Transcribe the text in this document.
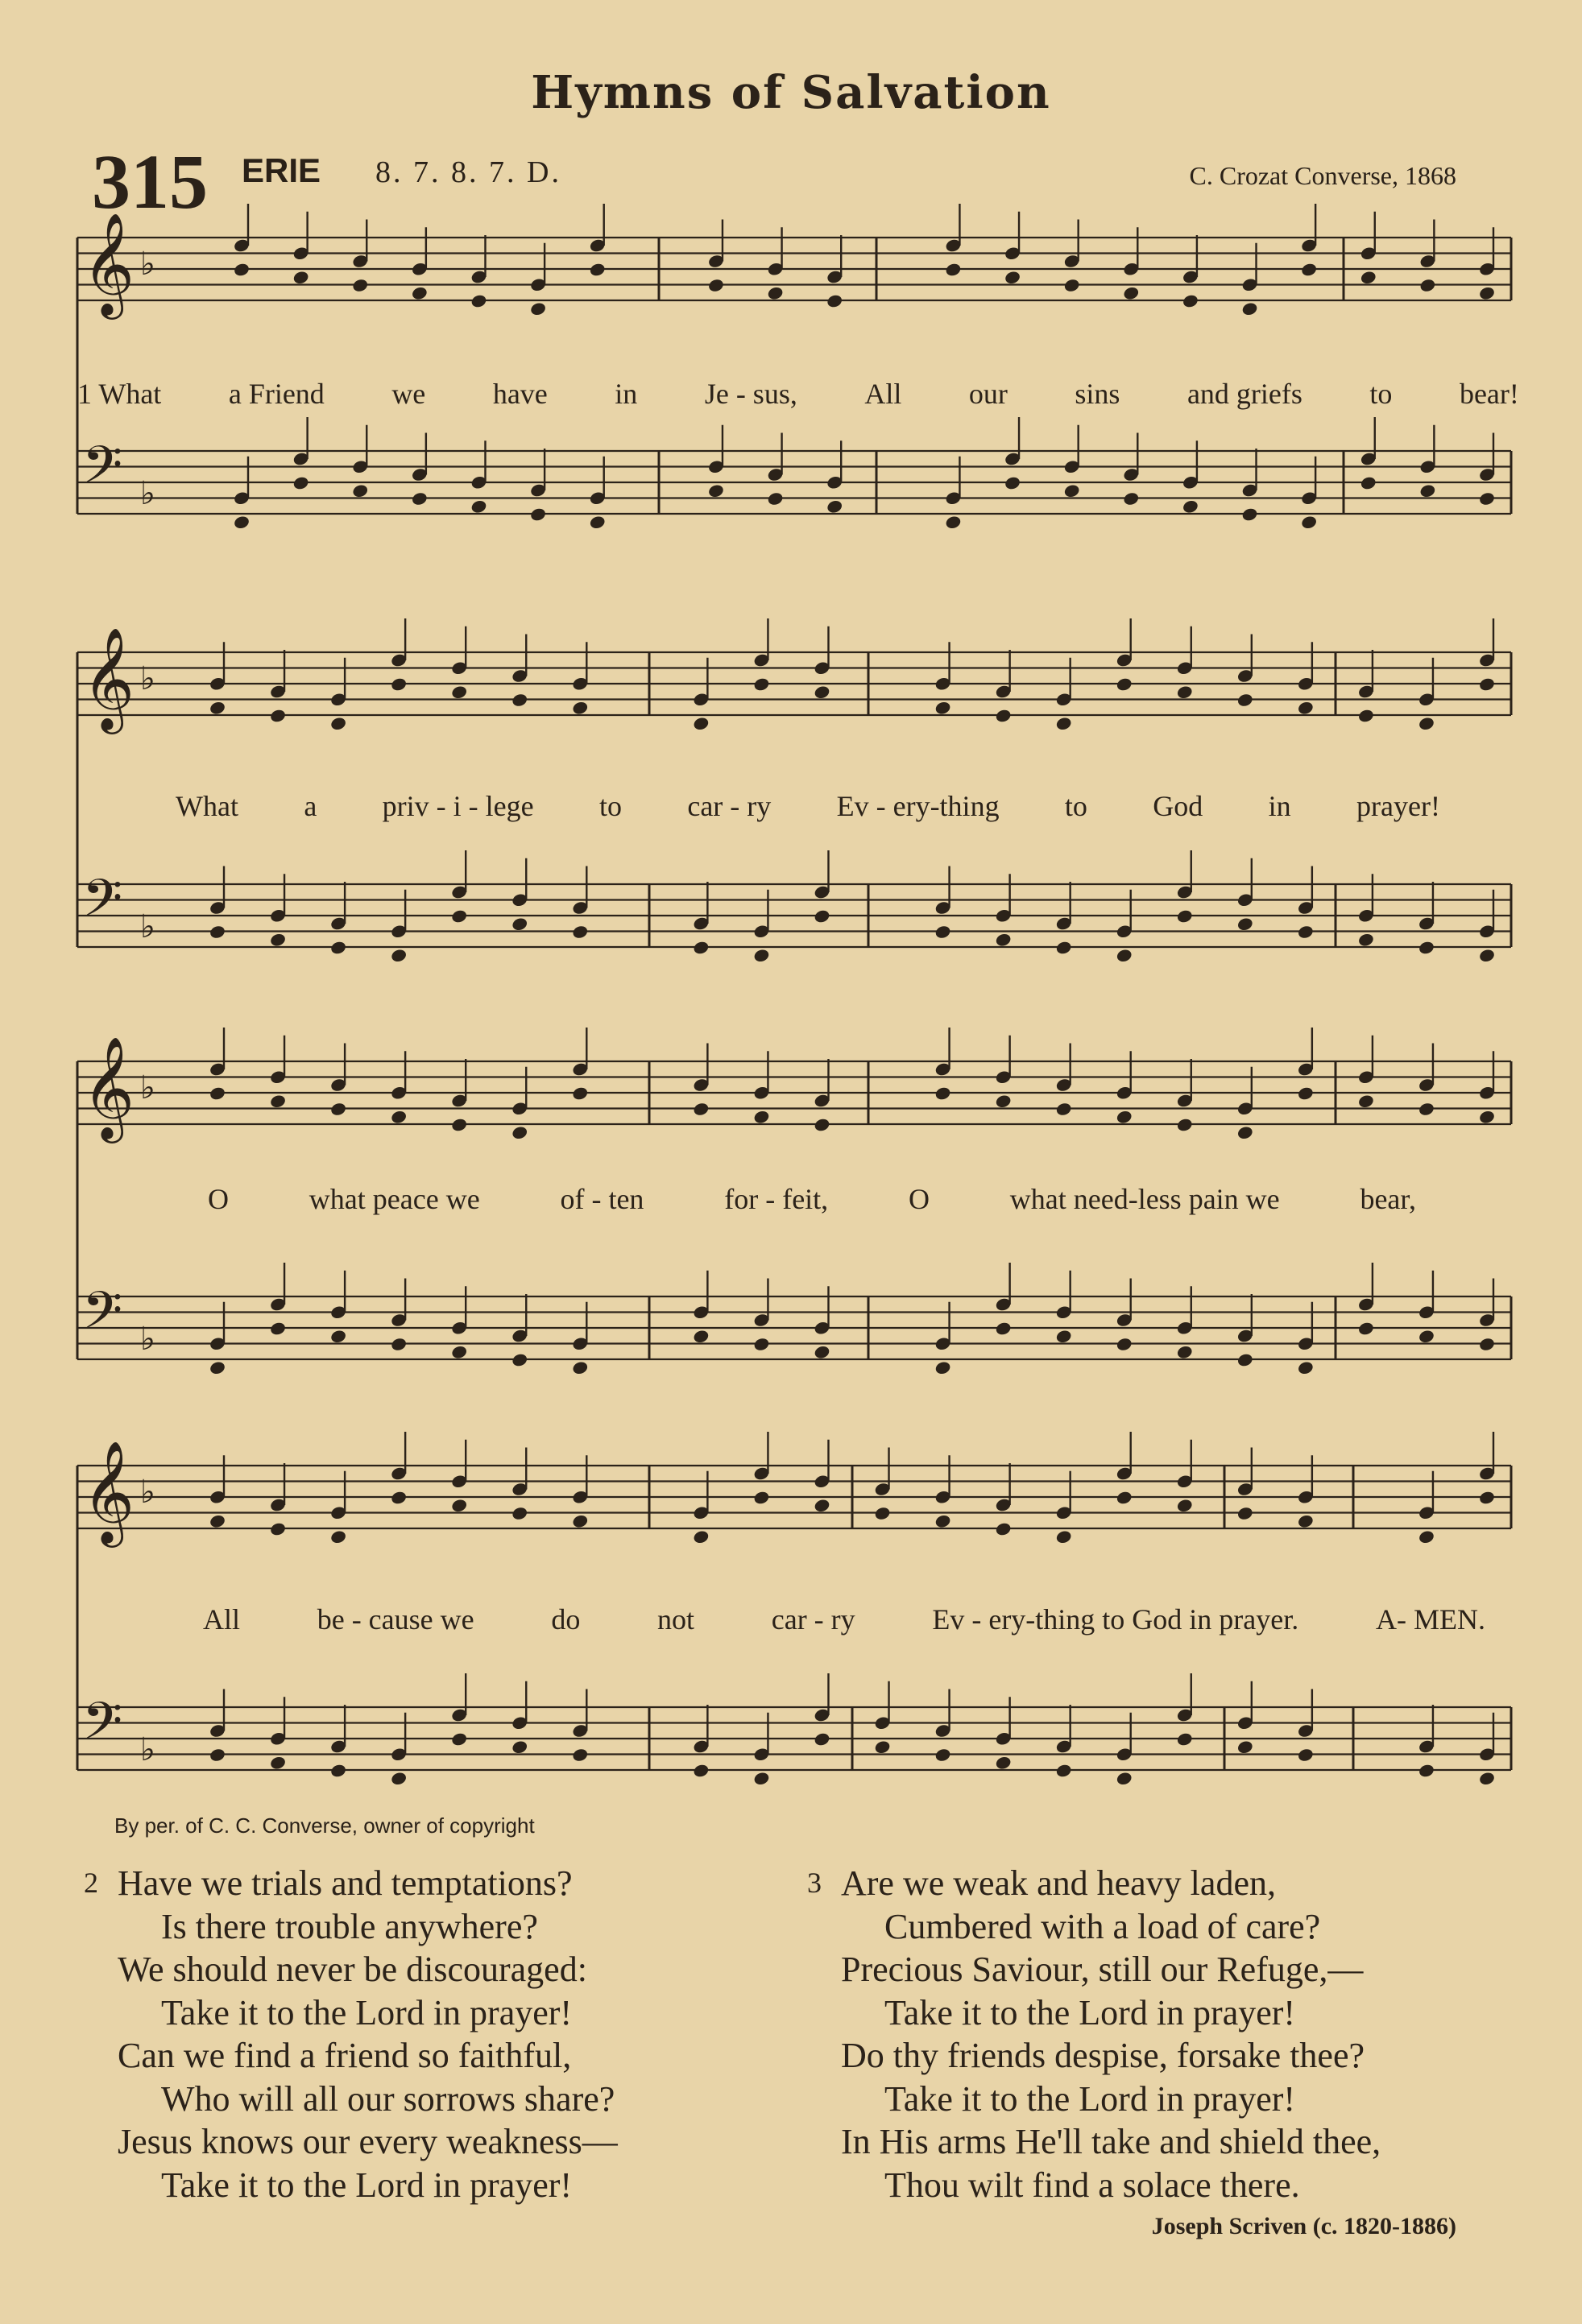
Hymns of Salvation
315 ERIE 8. 7. 8. 7. D.	C. Crozat Converse, 1868
𝄞 ♭
𝄢 ♭
𝄞 ♭
𝄢 ♭
𝄞 ♭
𝄢 ♭
𝄞 ♭
𝄢 ♭
1 What a Friend we have in Je - sus, All our sins and griefs to bear!
What a priv - i - lege to car - ry Ev - ery-thing to God in prayer!
O	what peace we	of - ten	for - feit,	O	what need-less pain we	bear,
All	be - cause we	do	not	car - ry	Ev - ery-thing to God in prayer.	A- MEN.
By per. of C. C. Converse, owner of copyright
2 Have we trials and temptations?
Is there trouble anywhere?
We should never be discouraged:
Take it to the Lord in prayer!
Can we find a friend so faithful,
Who will all our sorrows share?
Jesus knows our every weakness—
Take it to the Lord in prayer!
3 Are we weak and heavy laden,
Cumbered with a load of care?
Precious Saviour, still our Refuge,—
Take it to the Lord in prayer!
Do thy friends despise, forsake thee?
Take it to the Lord in prayer!
In His arms He'll take and shield thee,
Thou wilt find a solace there.
Joseph Scriven (c. 1820-1886)
